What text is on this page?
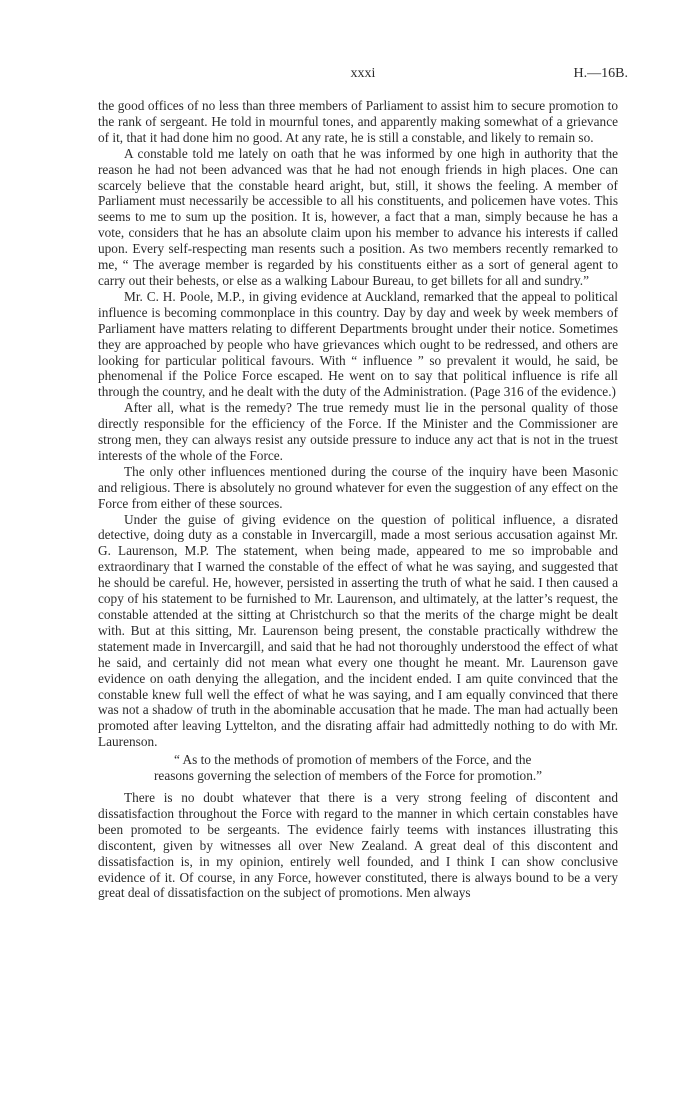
xxxi	H.—16B.

the good offices of no less than three members of Parliament to assist him to secure promotion to the rank of sergeant. He told in mournful tones, and apparently making somewhat of a grievance of it, that it had done him no good. At any rate, he is still a constable, and likely to remain so.

A constable told me lately on oath that he was informed by one high in authority that the reason he had not been advanced was that he had not enough friends in high places. One can scarcely believe that the constable heard aright, but, still, it shows the feeling. A member of Parliament must necessarily be accessible to all his constituents, and policemen have votes. This seems to me to sum up the position. It is, however, a fact that a man, simply because he has a vote, considers that he has an absolute claim upon his member to advance his interests if called upon. Every self-respecting man resents such a position. As two members recently remarked to me, “ The average member is regarded by his constituents either as a sort of general agent to carry out their behests, or else as a walking Labour Bureau, to get billets for all and sundry.”

Mr. C. H. Poole, M.P., in giving evidence at Auckland, remarked that the appeal to political influence is becoming commonplace in this country. Day by day and week by week members of Parliament have matters relating to different Departments brought under their notice. Sometimes they are approached by people who have grievances which ought to be redressed, and others are looking for particular political favours. With “ influence ” so prevalent it would, he said, be phenomenal if the Police Force escaped. He went on to say that political influence is rife all through the country, and he dealt with the duty of the Administration. (Page 316 of the evidence.)

After all, what is the remedy? The true remedy must lie in the personal quality of those directly responsible for the efficiency of the Force. If the Minister and the Commissioner are strong men, they can always resist any outside pressure to induce any act that is not in the truest interests of the whole of the Force.

The only other influences mentioned during the course of the inquiry have been Masonic and religious. There is absolutely no ground whatever for even the suggestion of any effect on the Force from either of these sources.

Under the guise of giving evidence on the question of political influence, a disrated detective, doing duty as a constable in Invercargill, made a most serious accusation against Mr. G. Laurenson, M.P. The statement, when being made, appeared to me so improbable and extraordinary that I warned the constable of the effect of what he was saying, and suggested that he should be careful. He, however, persisted in asserting the truth of what he said. I then caused a copy of his statement to be furnished to Mr. Laurenson, and ultimately, at the latter’s request, the constable attended at the sitting at Christchurch so that the merits of the charge might be dealt with. But at this sitting, Mr. Laurenson being present, the constable practically withdrew the statement made in Invercargill, and said that he had not thoroughly understood the effect of what he said, and certainly did not mean what every one thought he meant. Mr. Laurenson gave evidence on oath denying the allegation, and the incident ended. I am quite convinced that the constable knew full well the effect of what he was saying, and I am equally convinced that there was not a shadow of truth in the abominable accusation that he made. The man had actually been promoted after leaving Lyttelton, and the disrating affair had admittedly nothing to do with Mr. Laurenson.

“ As to the methods of promotion of members of the Force, and the
reasons governing the selection of members of the Force for promotion.”

There is no doubt whatever that there is a very strong feeling of discontent and dissatisfaction throughout the Force with regard to the manner in which certain constables have been promoted to be sergeants. The evidence fairly teems with instances illustrating this discontent, given by witnesses all over New Zealand. A great deal of this discontent and dissatisfaction is, in my opinion, entirely well founded, and I think I can show conclusive evidence of it. Of course, in any Force, however constituted, there is always bound to be a very great deal of dissatisfaction on the subject of promotions. Men always
